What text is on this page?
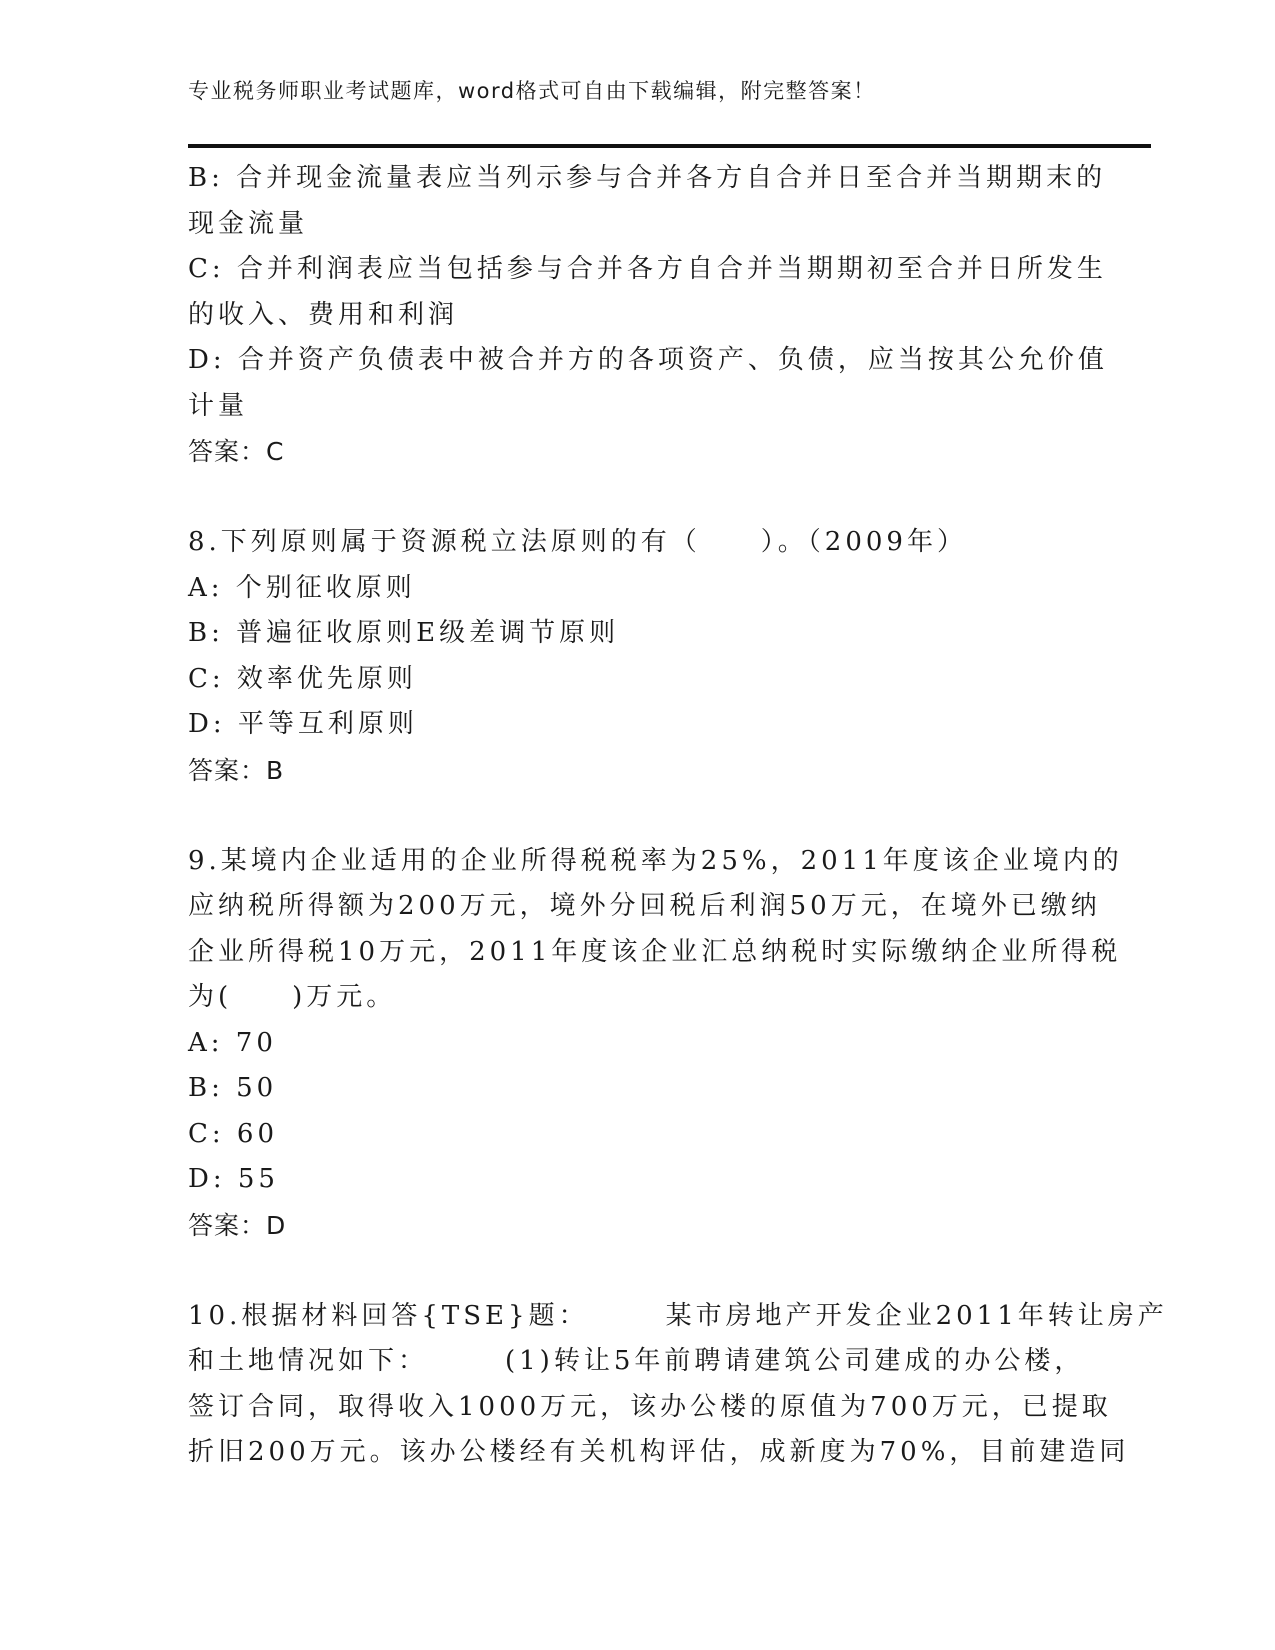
专业税务师职业考试题库，word格式可自由下载编辑，附完整答案！
B: 合并现金流量表应当列示参与合并各方自合并日至合并当期期末的
现金流量
C: 合并利润表应当包括参与合并各方自合并当期期初至合并日所发生
的收入、费用和利润
D: 合并资产负债表中被合并方的各项资产、负债，应当按其公允价值
计量
答案：C
8.下列原则属于资源税立法原则的有（　　）。（2009年）
A: 个别征收原则
B: 普遍征收原则E级差调节原则
C: 效率优先原则
D: 平等互利原则
答案：B
9.某境内企业适用的企业所得税税率为25%，2011年度该企业境内的
应纳税所得额为200万元，境外分回税后利润50万元，在境外已缴纳
企业所得税10万元，2011年度该企业汇总纳税时实际缴纳企业所得税
为(　　)万元。
A: 70
B: 50
C: 60
D: 55
答案：D
10.根据材料回答{TSE}题：　　　某市房地产开发企业2011年转让房产
和土地情况如下：　　　(1)转让5年前聘请建筑公司建成的办公楼，
签订合同，取得收入1000万元，该办公楼的原值为700万元，已提取
折旧200万元。该办公楼经有关机构评估，成新度为70%，目前建造同
